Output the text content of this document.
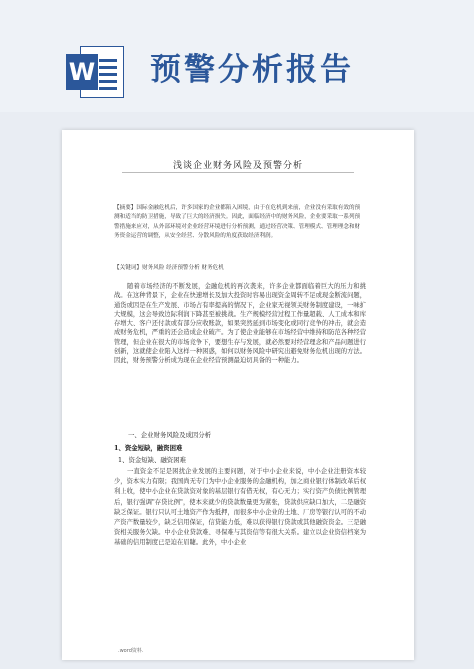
W 预警分析报告
浅谈企业财务风险及预警分析

【摘要】国际金融危机后，许多国家的企业都陷入困境，由于在危机到来前，企业没有采取有效的预测和适当的防卫措施，导致了巨大的经济损失。因此，面临经济中的财务风险，企业要采取一系列预警措施来应对，从外部环境对企业经营环境进行分析预测，通过经营决策、管理模式、管理理念和财务资金运营的调整，从安全经营、分散风险的角度获取经济利润。

【关键词】财务风险 经济预警分析 财务危机

随着市场经济的不断发展，金融危机的再次袭来，许多企业都面临着巨大的压力和挑战。在这种背景下，企业在快速增长及加大投资时容易出现资金周转不足或现金断流问题，通货或因是在生产发展、市场占有率提高的情况下，企业家无视领关财务制度建设，一味扩大规模，这会导致边际利润下降甚至被挑战。生产规模经营过程工作量超载、人工成本和库存增大、客户还付款或有部分应收账款，如果突然延到市场变化或同行竞争的冲击，就会造成财务危机，严重的还会造成企业破产。为了使企业能够在市场经营中维持和防范各种经营管理，但企业在很大的市场竞争下，要想生存与发展，就必然要对经营理念和产品问题进行创新，这就使企业陷入这样一种困惑，如何以财务风险中研究出避免财务危机出现的方法。因此，财务预警分析成为现在企业经营预测最迫切具备的一种能力。

一、企业财务风险及成因分析
1、资金短缺，融资困难
1、资金短缺、融资困难

一直资金不足是困扰企业发展的主要问题，对于中小企业来说，中小企业注册资本较少，资本实力有限；我国尚无专门为中小企业服务的金融机构，加之商业银行体制改革后权利上收，使中小企业在贷款资对象的基层银行有借无权，有心无力；实行资产负债比例管理后，银行强调"存贷比例"，使本来就少的贷款数量更为紧张，贷款供应缺口加大，二是融资缺乏保证。银行只认可土地资产作为抵押，而很多中小企业的土地、厂房等银行认可的不动产资产数量较少，缺乏信用保证，信贷能力低，难以获得银行贷款或其他融资资金。三是融资相关服务欠缺。中小企业贷款难、寻保难与其资信等有很大关系。建立以企业资信档案为基础的信用制度已是迫在眉睫。此外，中小企业

.word资料.
